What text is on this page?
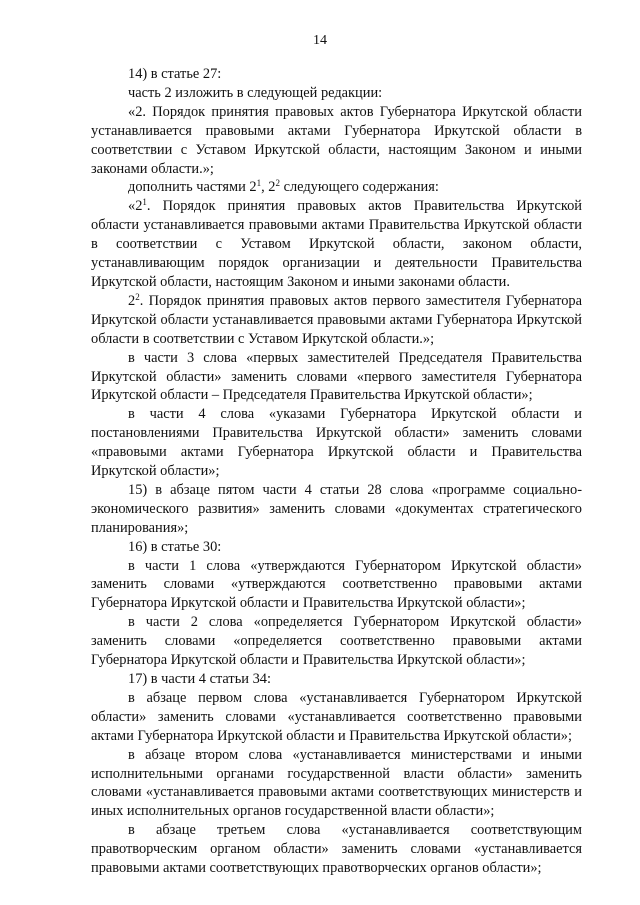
14

14) в статье 27:

часть 2 изложить в следующей редакции:

«2. Порядок принятия правовых актов Губернатора Иркутской области устанавливается правовыми актами Губернатора Иркутской области в соответствии с Уставом Иркутской области, настоящим Законом и иными законами области.»;

дополнить частями $2^1$, $2^2$ следующего содержания:

«$2^1$. Порядок принятия правовых актов Правительства Иркутской области устанавливается правовыми актами Правительства Иркутской области в соответствии с Уставом Иркутской области, законом области, устанавливающим порядок организации и деятельности Правительства Иркутской области, настоящим Законом и иными законами области.

$2^2$. Порядок принятия правовых актов первого заместителя Губернатора Иркутской области устанавливается правовыми актами Губернатора Иркутской области в соответствии с Уставом Иркутской области.»;

в части 3 слова «первых заместителей Председателя Правительства Иркутской области» заменить словами «первого заместителя Губернатора Иркутской области – Председателя Правительства Иркутской области»;

в части 4 слова «указами Губернатора Иркутской области и постановлениями Правительства Иркутской области» заменить словами «правовыми актами Губернатора Иркутской области и Правительства Иркутской области»;

15) в абзаце пятом части 4 статьи 28 слова «программе социально-экономического развития» заменить словами «документах стратегического планирования»;

16) в статье 30:

в части 1 слова «утверждаются Губернатором Иркутской области» заменить словами «утверждаются соответственно правовыми актами Губернатора Иркутской области и Правительства Иркутской области»;

в части 2 слова «определяется Губернатором Иркутской области» заменить словами «определяется соответственно правовыми актами Губернатора Иркутской области и Правительства Иркутской области»;

17) в части 4 статьи 34:

в абзаце первом слова «устанавливается Губернатором Иркутской области» заменить словами «устанавливается соответственно правовыми актами Губернатора Иркутской области и Правительства Иркутской области»;

в абзаце втором слова «устанавливается министерствами и иными исполнительными органами государственной власти области» заменить словами «устанавливается правовыми актами соответствующих министерств и иных исполнительных органов государственной власти области»;

в абзаце третьем слова «устанавливается соответствующим правотворческим органом области» заменить словами «устанавливается правовыми актами соответствующих правотворческих органов области»;
